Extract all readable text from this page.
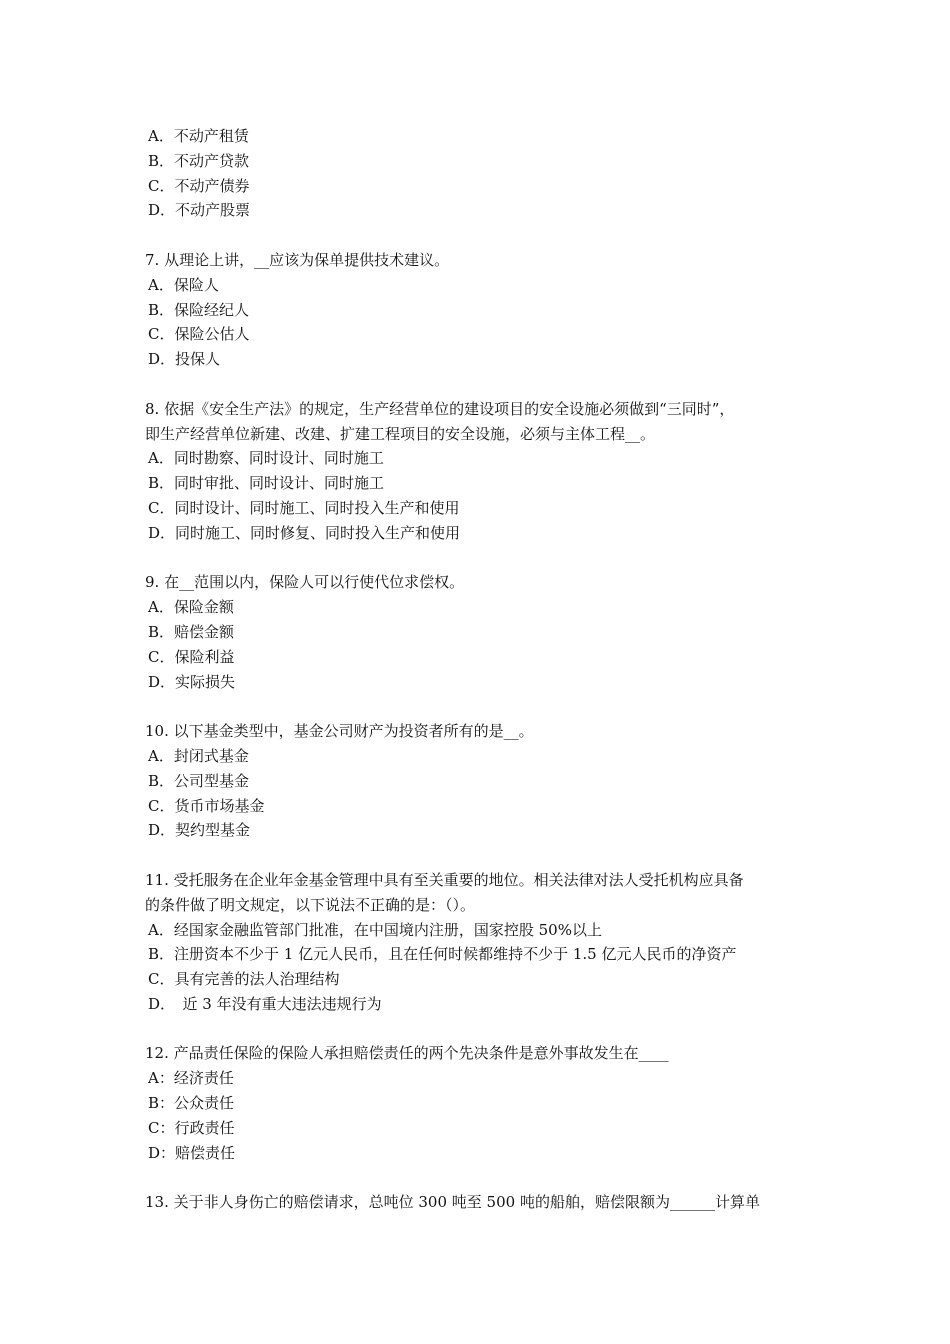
A．不动产租赁
B．不动产贷款
C．不动产债券
D．不动产股票
7. 从理论上讲，__应该为保单提供技术建议。
A．保险人
B．保险经纪人
C．保险公估人
D．投保人
8. 依据《安全生产法》的规定，生产经营单位的建设项目的安全设施必须做到“三同时”，
即生产经营单位新建、改建、扩建工程项目的安全设施，必须与主体工程__。
A．同时勘察、同时设计、同时施工
B．同时审批、同时设计、同时施工
C．同时设计、同时施工、同时投入生产和使用
D．同时施工、同时修复、同时投入生产和使用
9. 在__范围以内，保险人可以行使代位求偿权。
A．保险金额
B．赔偿金额
C．保险利益
D．实际损失
10. 以下基金类型中，基金公司财产为投资者所有的是__。
A．封闭式基金
B．公司型基金
C．货币市场基金
D．契约型基金
11. 受托服务在企业年金基金管理中具有至关重要的地位。相关法律对法人受托机构应具备
的条件做了明文规定，以下说法不正确的是：（）。
A．经国家金融监管部门批准，在中国境内注册，国家控股 50%以上
B．注册资本不少于 1 亿元人民币，且在任何时候都维持不少于 1.5 亿元人民币的净资产
C．具有完善的法人治理结构
D．　近 3 年没有重大违法违规行为
12. 产品责任保险的保险人承担赔偿责任的两个先决条件是意外事故发生在____
A：经济责任
B：公众责任
C：行政责任
D：赔偿责任
13. 关于非人身伤亡的赔偿请求，总吨位 300 吨至 500 吨的船舶，赔偿限额为______计算单
